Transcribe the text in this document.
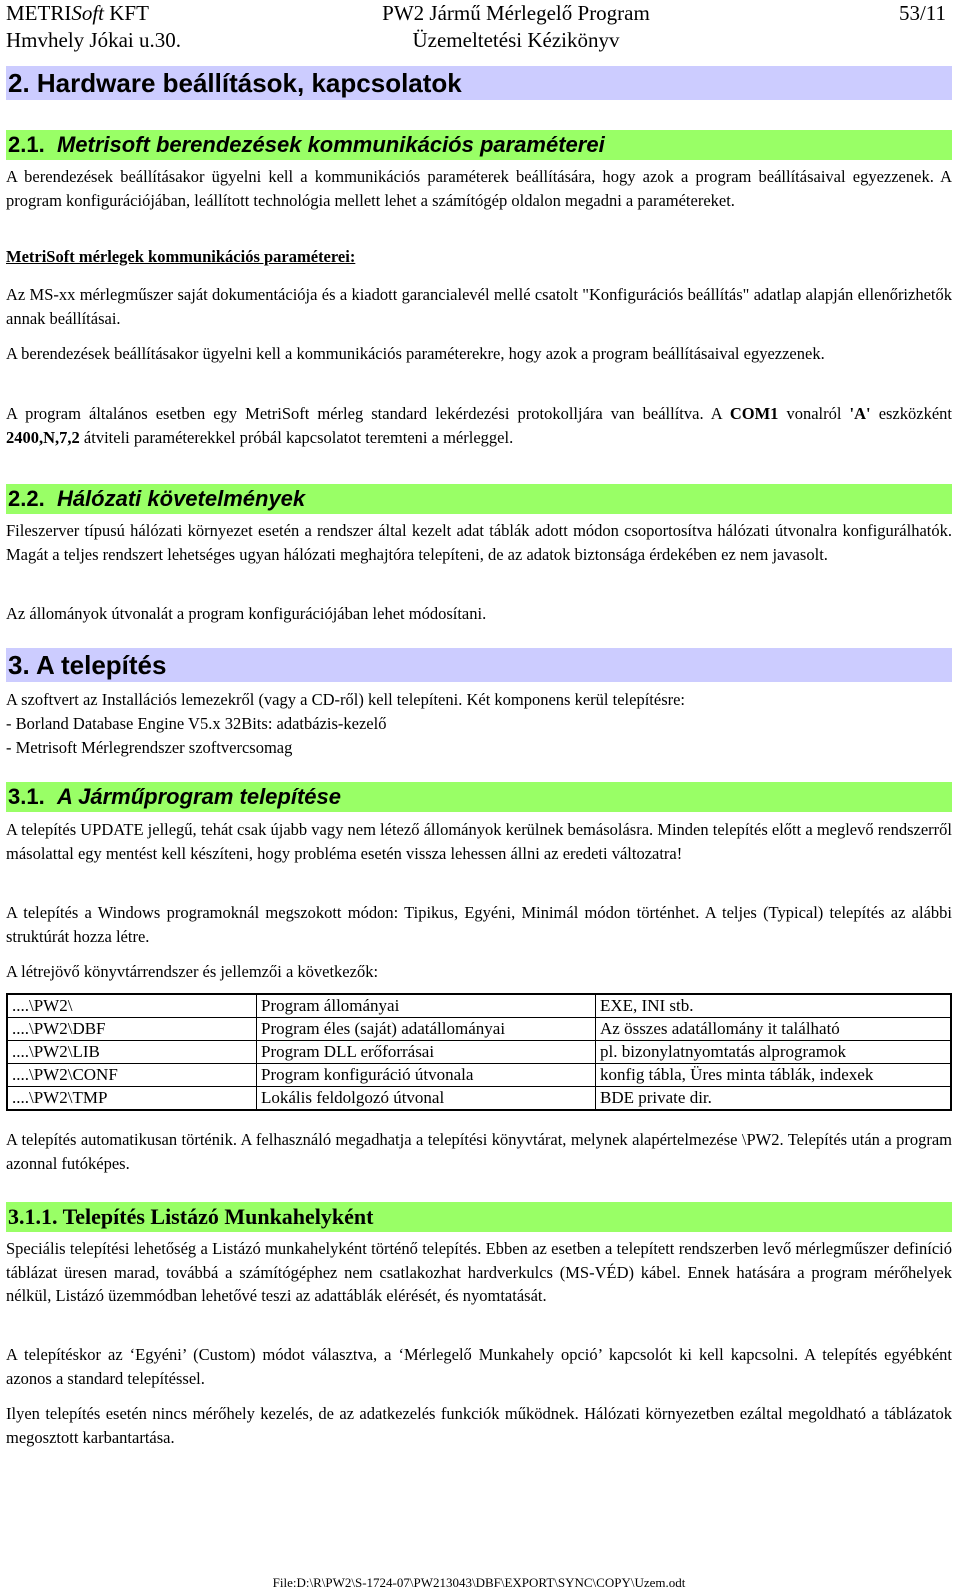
METRISoft KFT
Hmvhely Jókai u.30.
PW2 Jármű Mérlegelő Program
Üzemeltetési Kézikönyv
53/11
2. Hardware beállítások, kapcsolatok
2.1. Metrisoft berendezések kommunikációs paraméterei
A berendezések beállításakor ügyelni kell a kommunikációs paraméterek beállítására, hogy azok a program beállításaival egyezzenek. A program konfigurációjában, leállított technológia mellett lehet a számítógép oldalon megadni a paramétereket.
MetriSoft mérlegek kommunikációs paraméterei:
Az MS-xx mérlegműszer saját dokumentációja és a kiadott garancialevél mellé csatolt "Konfigurációs beállítás" adatlap alapján ellenőrizhetők annak beállításai.
A berendezések beállításakor ügyelni kell a kommunikációs paraméterekre, hogy azok a program beállításaival egyezzenek.
A program általános esetben egy MetriSoft mérleg standard lekérdezési protokolljára van beállítva. A COM1 vonalról 'A' eszközként 2400,N,7,2 átviteli paraméterekkel próbál kapcsolatot teremteni a mérleggel.
2.2. Hálózati követelmények
Fileszerver típusú hálózati környezet esetén a rendszer által kezelt adat táblák adott módon csoportosítva hálózati útvonalra konfigurálhatók. Magát a teljes rendszert lehetséges ugyan hálózati meghajtóra telepíteni, de az adatok biztonsága érdekében ez nem javasolt.
Az állományok útvonalát a program konfigurációjában lehet módosítani.
3. A telepítés
A szoftvert az Installációs lemezekről (vagy a CD-ről) kell telepíteni. Két komponens kerül telepítésre:
- Borland Database Engine V5.x 32Bits: adatbázis-kezelő
- Metrisoft Mérlegrendszer szoftvercsomag
3.1. A Járműprogram telepítése
A telepítés UPDATE jellegű, tehát csak újabb vagy nem létező állományok kerülnek bemásolásra. Minden telepítés előtt a meglevő rendszerről másolattal egy mentést kell készíteni, hogy probléma esetén vissza lehessen állni az eredeti változatra!
A telepítés a Windows programoknál megszokott módon: Tipikus, Egyéni, Minimál módon történhet. A teljes (Typical) telepítés az alábbi struktúrát hozza létre.
A létrejövő könyvtárrendszer és jellemzői a következők:
....\PW2\	Program állományai	EXE, INI stb.
....\PW2\DBF	Program éles (saját) adatállományai	Az összes adatállomány it található
....\PW2\LIB	Program DLL erőforrásai	pl. bizonylatnyomtatás alprogramok
....\PW2\CONF	Program konfiguráció útvonala	konfig tábla, Üres minta táblák, indexek
....\PW2\TMP	Lokális feldolgozó útvonal	BDE private dir.
A telepítés automatikusan történik. A felhasználó megadhatja a telepítési könyvtárat, melynek alapértelmezése \PW2. Telepítés után a program azonnal futóképes.
3.1.1. Telepítés Listázó Munkahelyként
Speciális telepítési lehetőség a Listázó munkahelyként történő telepítés. Ebben az esetben a telepített rendszerben levő mérlegműszer definíció táblázat üresen marad, továbbá a számítógéphez nem csatlakozhat hardverkulcs (MS-VÉD) kábel. Ennek hatására a program mérőhelyek nélkül, Listázó üzemmódban lehetővé teszi az adattáblák elérését, és nyomtatását.
A telepítéskor az ‘Egyéni’ (Custom) módot választva, a ‘Mérlegelő Munkahely opció’ kapcsolót ki kell kapcsolni. A telepítés egyébként azonos a standard telepítéssel.
Ilyen telepítés esetén nincs mérőhely kezelés, de az adatkezelés funkciók működnek. Hálózati környezetben ezáltal megoldható a táblázatok megosztott karbantartása.
File:D:\R\PW2\S-1724-07\PW213043\DBF\EXPORT\SYNC\COPY\Uzem.odt
